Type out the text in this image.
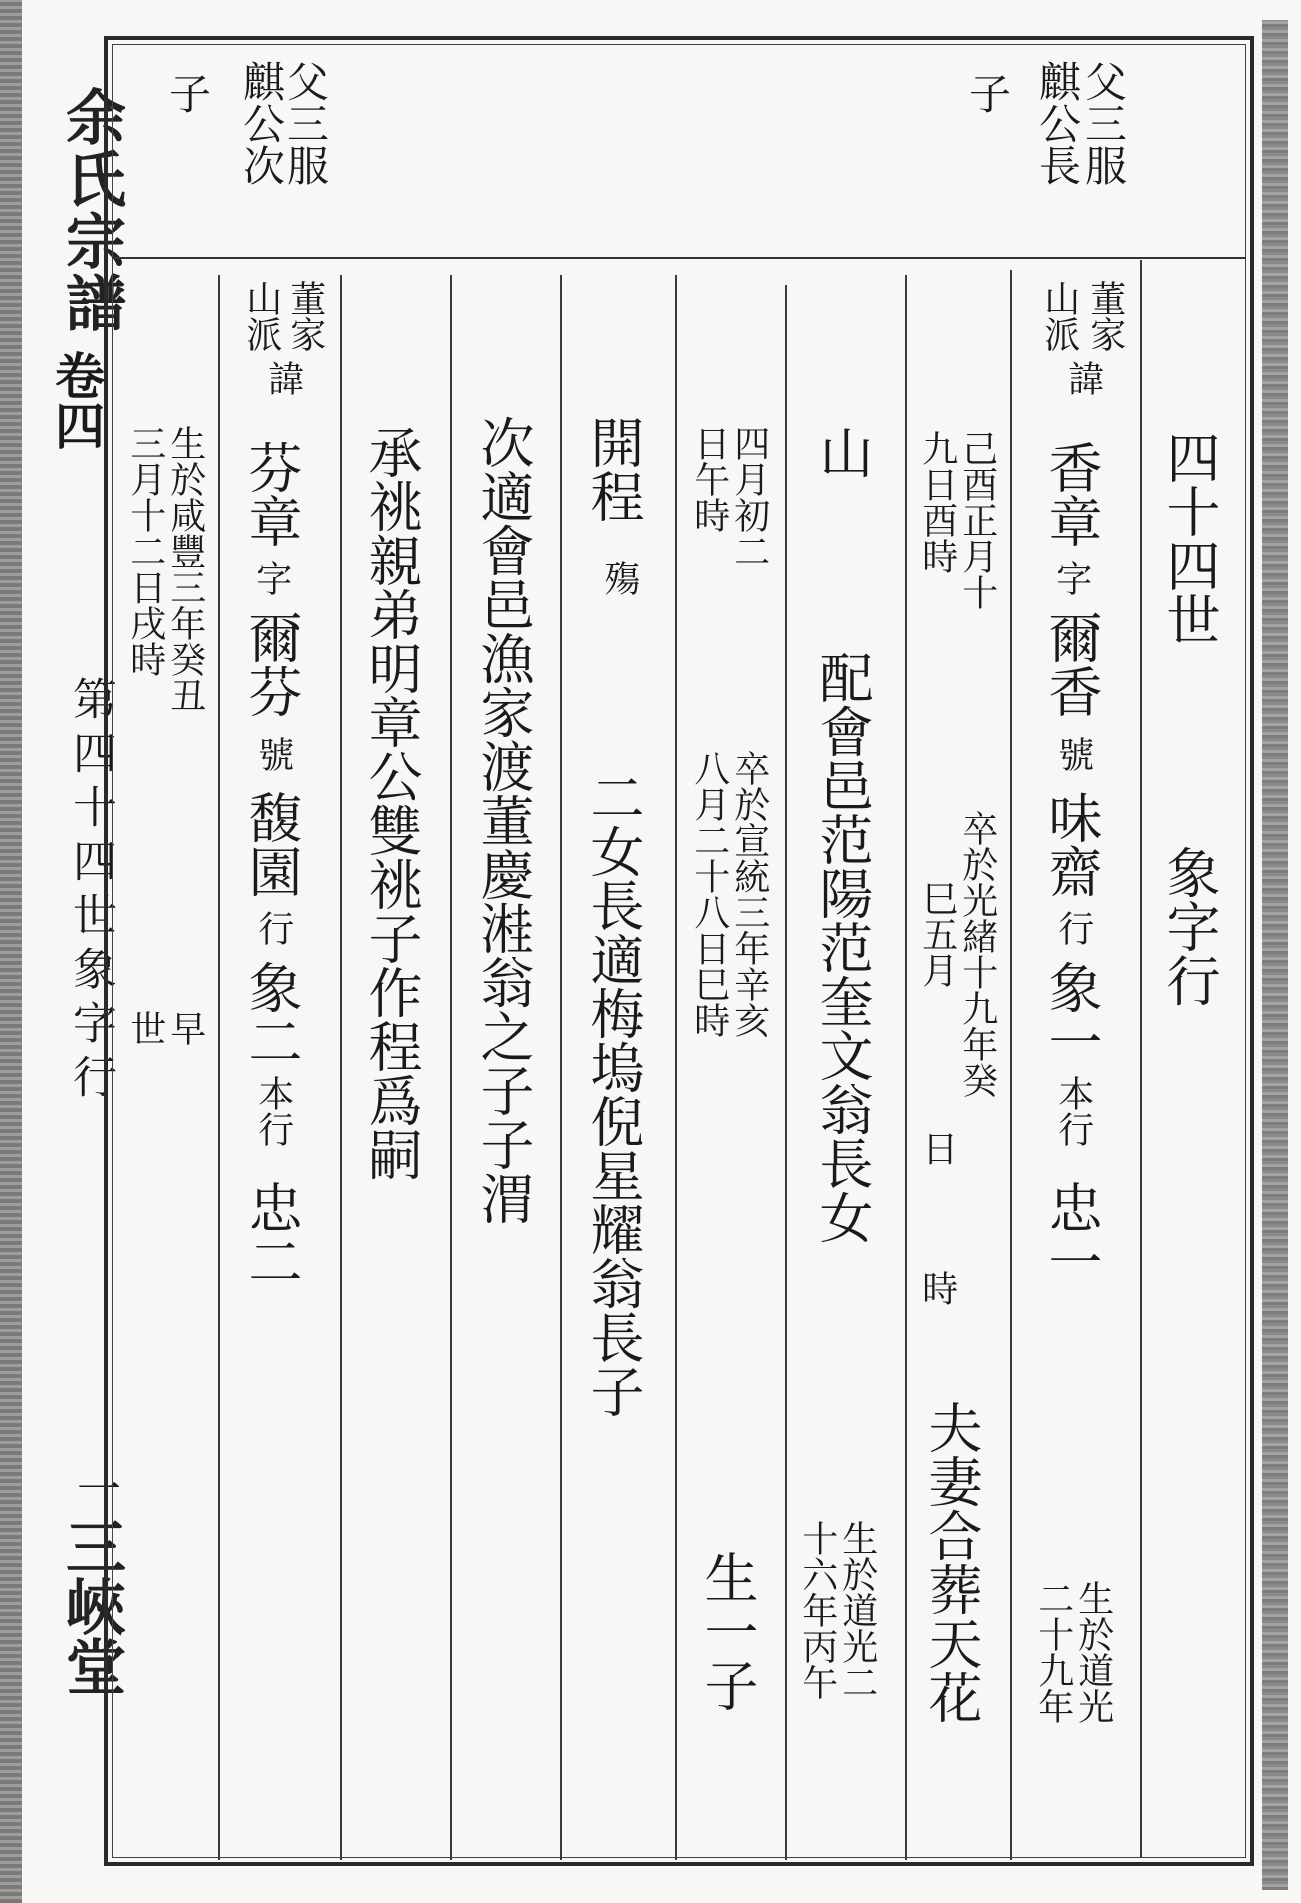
余氏宗譜
第四十四世象字行
一
三峽堂
卷四
四十四世
象字行
父三服
麒公長
子
董家
山派
諱
香章
字
爾香
號
味齋
行
象一
本行
忠一
生於道光
二十九年
己酉正月十
九日酉時
卒於光緒十九年癸
巳五月
日
時
夫妻合葬天花
山
配會邑范陽范奎文翁長女
生於道光二
十六年丙午
四月初二
日午時
卒於宣統三年辛亥
八月二十八日巳時
生一子
開程
殤
二女長適梅塢倪星耀翁長子
次適會邑漁家渡董慶溎翁之子子渭
承祧親弟明章公雙祧子作程爲嗣
父三服
麒公次
子
董家
山派
諱
芬章
字
爾芬
號
馥園
行
象二
本行
忠二
生於咸豐三年癸丑
三月十二日戌時
早
世
